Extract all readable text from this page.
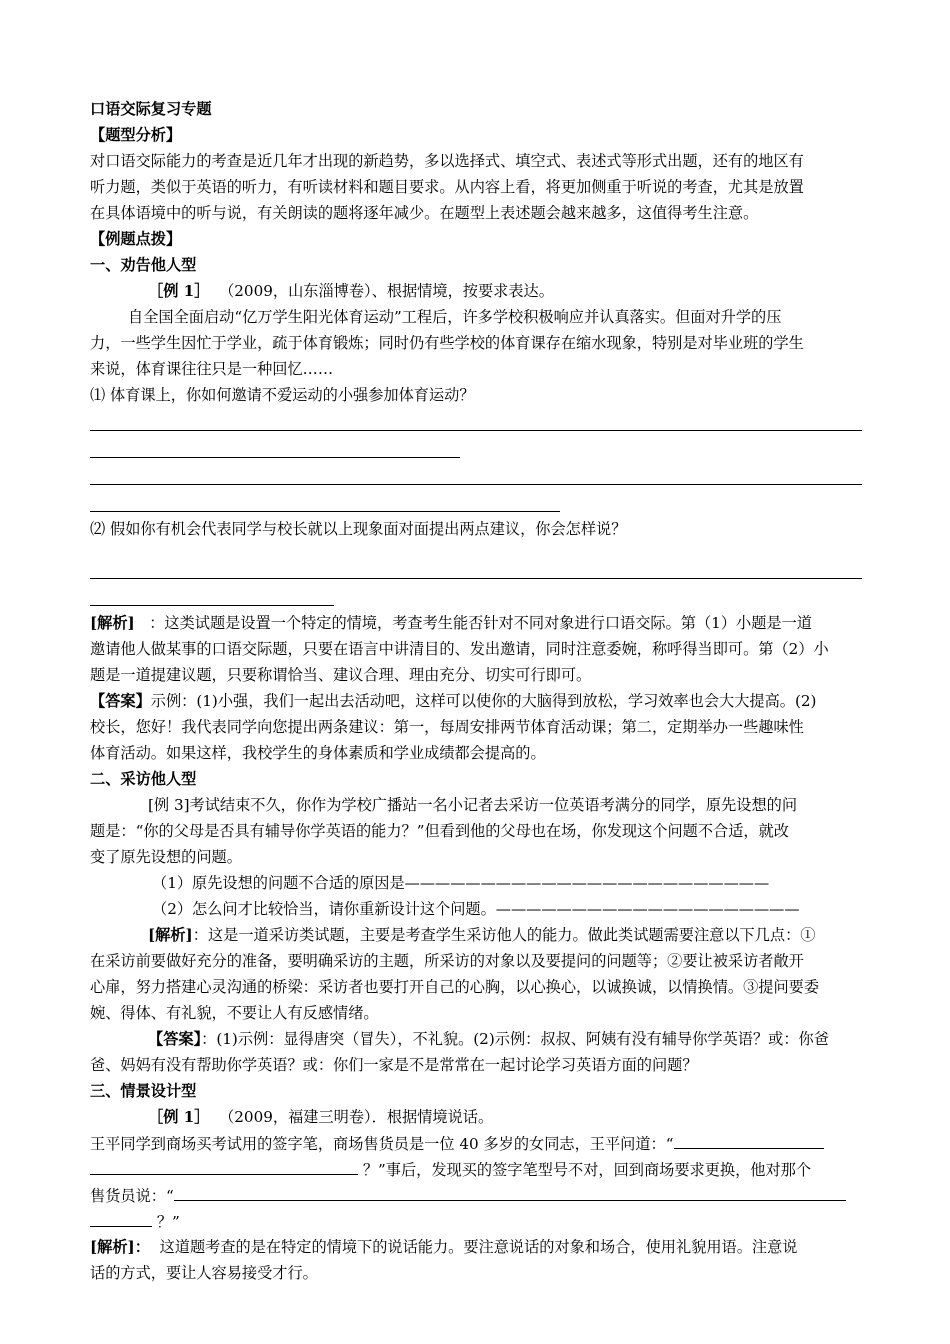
口语交际复习专题
【题型分析】
对口语交际能力的考查是近几年才出现的新趋势，多以选择式、填空式、表述式等形式出题，还有的地区有
听力题，类似于英语的听力，有听读材料和题目要求。从内容上看，将更加侧重于听说的考查，尤其是放置
在具体语境中的听与说，有关朗读的题将逐年减少。在题型上表述题会越来越多，这值得考生注意。
【例题点拨】
一、劝告他人型
［例 1］ （2009，山东淄博卷）、根据情境，按要求表达。
自全国全面启动“亿万学生阳光体育运动”工程后，许多学校积极响应并认真落实。但面对升学的压
力，一些学生因忙于学业，疏于体育锻炼；同时仍有些学校的体育课存在缩水现象，特别是对毕业班的学生
来说，体育课往往只是一种回忆……
⑴ 体育课上，你如何邀请不爱运动的小强参加体育运动？
⑵ 假如你有机会代表同学与校长就以上现象面对面提出两点建议，你会怎样说？
[解析] ：这类试题是设置一个特定的情境，考查考生能否针对不同对象进行口语交际。第（1）小题是一道
邀请他人做某事的口语交际题，只要在语言中讲清目的、发出邀请，同时注意委婉，称呼得当即可。第（2）小
题是一道提建议题，只要称谓恰当、建议合理、理由充分、切实可行即可。
【答案】示例：(1)小强，我们一起出去活动吧，这样可以使你的大脑得到放松，学习效率也会大大提高。(2)
校长，您好！我代表同学向您提出两条建议：第一，每周安排两节体育活动课；第二，定期举办一些趣味性
体育活动。如果这样，我校学生的身体素质和学业成绩都会提高的。
二、采访他人型
[例 3]考试结束不久，你作为学校广播站一名小记者去采访一位英语考满分的同学，原先设想的问
题是：“你的父母是否具有辅导你学英语的能力？”但看到他的父母也在场，你发现这个问题不合适，就改
变了原先设想的问题。
（1）原先设想的问题不合适的原因是————————————————————————
（2）怎么问才比较恰当，请你重新设计这个问题。————————————————————
[解析]：这是一道采访类试题，主要是考查学生采访他人的能力。做此类试题需要注意以下几点：①
在采访前要做好充分的准备，要明确采访的主题，所采访的对象以及要提问的问题等；②要让被采访者敞开
心扉，努力搭建心灵沟通的桥梁：采访者也要打开自己的心胸，以心换心，以诚换诚，以情换情。③提问要委
婉、得体、有礼貌，不要让人有反感情绪。
【答案】：(1)示例：显得唐突（冒失），不礼貌。(2)示例：叔叔、阿姨有没有辅导你学英语？或：你爸
爸、妈妈有没有帮助你学英语？或：你们一家是不是常常在一起讨论学习英语方面的问题？
三、情景设计型
［例 1］ （2009，福建三明卷）．根据情境说话。
王平同学到商场买考试用的签字笔，商场售货员是一位 40 多岁的女同志，王平问道：“
？”事后，发现买的签字笔型号不对，回到商场要求更换，他对那个
售货员说：“
？”
[解析]： 这道题考查的是在特定的情境下的说话能力。要注意说话的对象和场合，使用礼貌用语。注意说
话的方式，要让人容易接受才行。
